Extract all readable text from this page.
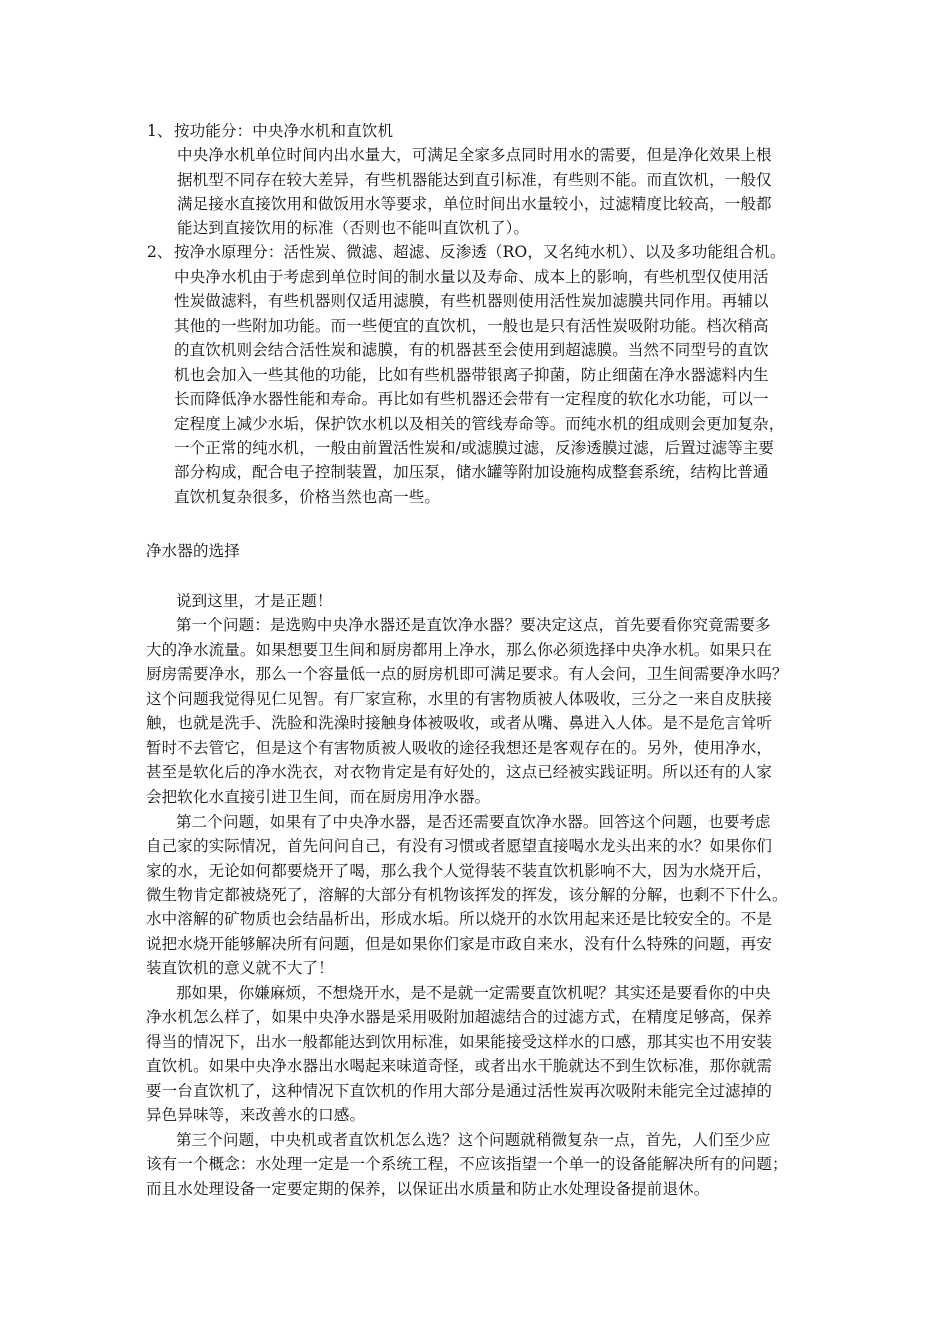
1、 按功能分：中央净水机和直饮机
中央净水机单位时间内出水量大，可满足全家多点同时用水的需要，但是净化效果上根
据机型不同存在较大差异，有些机器能达到直引标准，有些则不能。而直饮机，一般仅
满足接水直接饮用和做饭用水等要求，单位时间出水量较小，过滤精度比较高，一般都
能达到直接饮用的标准（否则也不能叫直饮机了）。
2、 按净水原理分：活性炭、微滤、超滤、反渗透（RO，又名纯水机）、以及多功能组合机。
中央净水机由于考虑到单位时间的制水量以及寿命、成本上的影响，有些机型仅使用活
性炭做滤料，有些机器则仅适用滤膜，有些机器则使用活性炭加滤膜共同作用。再辅以
其他的一些附加功能。而一些便宜的直饮机，一般也是只有活性炭吸附功能。档次稍高
的直饮机则会结合活性炭和滤膜，有的机器甚至会使用到超滤膜。当然不同型号的直饮
机也会加入一些其他的功能，比如有些机器带银离子抑菌，防止细菌在净水器滤料内生
长而降低净水器性能和寿命。再比如有些机器还会带有一定程度的软化水功能，可以一
定程度上减少水垢，保护饮水机以及相关的管线寿命等。而纯水机的组成则会更加复杂，
一个正常的纯水机，一般由前置活性炭和/或滤膜过滤，反渗透膜过滤，后置过滤等主要
部分构成，配合电子控制装置，加压泵，储水罐等附加设施构成整套系统，结构比普通
直饮机复杂很多，价格当然也高一些。
净水器的选择
说到这里，才是正题！
第一个问题：是选购中央净水器还是直饮净水器？要决定这点，首先要看你究竟需要多
大的净水流量。如果想要卫生间和厨房都用上净水，那么你必须选择中央净水机。如果只在
厨房需要净水，那么一个容量低一点的厨房机即可满足要求。有人会问，卫生间需要净水吗？
这个问题我觉得见仁见智。有厂家宣称，水里的有害物质被人体吸收，三分之一来自皮肤接
触，也就是洗手、洗脸和洗澡时接触身体被吸收，或者从嘴、鼻进入人体。是不是危言耸听
暂时不去管它，但是这个有害物质被人吸收的途径我想还是客观存在的。另外，使用净水，
甚至是软化后的净水洗衣，对衣物肯定是有好处的，这点已经被实践证明。所以还有的人家
会把软化水直接引进卫生间，而在厨房用净水器。
第二个问题，如果有了中央净水器，是否还需要直饮净水器。回答这个问题，也要考虑
自己家的实际情况，首先问问自己，有没有习惯或者愿望直接喝水龙头出来的水？如果你们
家的水，无论如何都要烧开了喝，那么我个人觉得装不装直饮机影响不大，因为水烧开后，
微生物肯定都被烧死了，溶解的大部分有机物该挥发的挥发，该分解的分解，也剩不下什么。
水中溶解的矿物质也会结晶析出，形成水垢。所以烧开的水饮用起来还是比较安全的。不是
说把水烧开能够解决所有问题，但是如果你们家是市政自来水，没有什么特殊的问题，再安
装直饮机的意义就不大了！
那如果，你嫌麻烦，不想烧开水，是不是就一定需要直饮机呢？其实还是要看你的中央
净水机怎么样了，如果中央净水器是采用吸附加超滤结合的过滤方式，在精度足够高，保养
得当的情况下，出水一般都能达到饮用标准，如果能接受这样水的口感，那其实也不用安装
直饮机。如果中央净水器出水喝起来味道奇怪，或者出水干脆就达不到生饮标准，那你就需
要一台直饮机了，这种情况下直饮机的作用大部分是通过活性炭再次吸附未能完全过滤掉的
异色异味等，来改善水的口感。
第三个问题，中央机或者直饮机怎么选？这个问题就稍微复杂一点，首先，人们至少应
该有一个概念：水处理一定是一个系统工程，不应该指望一个单一的设备能解决所有的问题；
而且水处理设备一定要定期的保养，以保证出水质量和防止水处理设备提前退休。
